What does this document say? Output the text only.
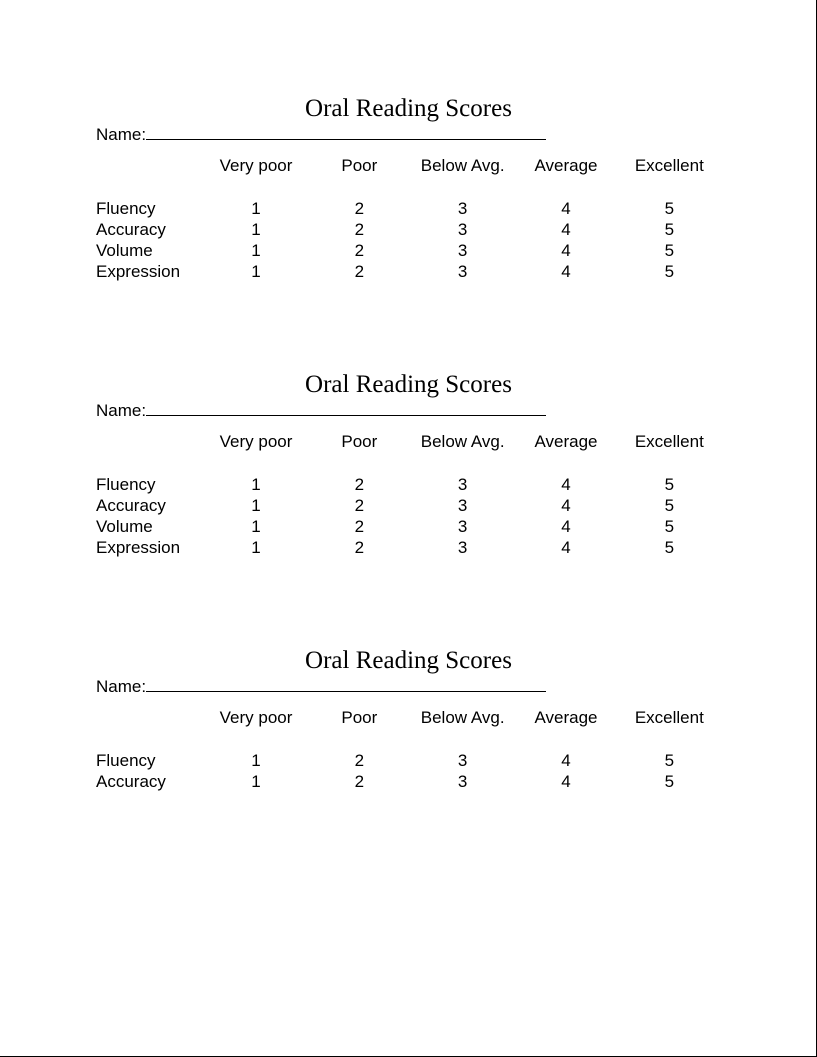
Oral Reading Scores
Name:
	Very poor	Poor	Below Avg.	Average	Excellent
Fluency	1	2	3	4	5
Accuracy	1	2	3	4	5
Volume	1	2	3	4	5
Expression	1	2	3	4	5
Oral Reading Scores
Name:
	Very poor	Poor	Below Avg.	Average	Excellent
Fluency	1	2	3	4	5
Accuracy	1	2	3	4	5
Volume	1	2	3	4	5
Expression	1	2	3	4	5
Oral Reading Scores
Name:
	Very poor	Poor	Below Avg.	Average	Excellent
Fluency	1	2	3	4	5
Accuracy	1	2	3	4	5
